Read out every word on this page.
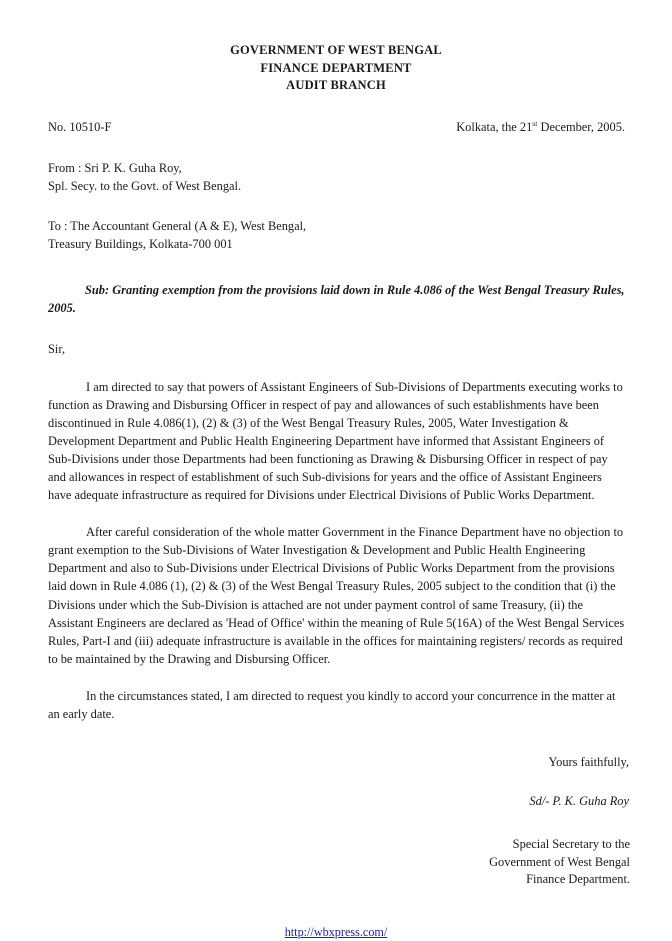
GOVERNMENT OF WEST BENGAL
FINANCE DEPARTMENT
AUDIT BRANCH
No. 10510-F	Kolkata, the 21st December, 2005.
From : Sri P. K. Guha Roy,
Spl. Secy. to the Govt. of West Bengal.
To : The Accountant General (A & E), West Bengal,
Treasury Buildings, Kolkata-700 001
Sub: Granting exemption from the provisions laid down in Rule 4.086 of the West Bengal Treasury Rules, 2005.
Sir,

I am directed to say that powers of Assistant Engineers of Sub-Divisions of Departments executing works to function as Drawing and Disbursing Officer in respect of pay and allowances of such establishments have been discontinued in Rule 4.086(1), (2) & (3) of the West Bengal Treasury Rules, 2005, Water Investigation & Development Department and Public Health Engineering Department have informed that Assistant Engineers of Sub-Divisions under those Departments had been functioning as Drawing & Disbursing Officer in respect of pay and allowances in respect of establishment of such Sub-divisions for years and the office of Assistant Engineers have adequate infrastructure as required for Divisions under Electrical Divisions of Public Works Department.

After careful consideration of the whole matter Government in the Finance Department have no objection to grant exemption to the Sub-Divisions of Water Investigation & Development and Public Health Engineering Department and also to Sub-Divisions under Electrical Divisions of Public Works Department from the provisions laid down in Rule 4.086 (1), (2) & (3) of the West Bengal Treasury Rules, 2005 subject to the condition that (i) the Divisions under which the Sub-Division is attached are not under payment control of same Treasury, (ii) the Assistant Engineers are declared as 'Head of Office' within the meaning of Rule 5(16A) of the West Bengal Services Rules, Part-I and (iii) adequate infrastructure is available in the offices for maintaining registers/ records as required to be maintained by the Drawing and Disbursing Officer.

In the circumstances stated, I am directed to request you kindly to accord your concurrence in the matter at an early date.

Yours faithfully,
Sd/- P. K. Guha Roy
Special Secretary to the
Government of West Bengal
Finance Department.
http://wbxpress.com/
